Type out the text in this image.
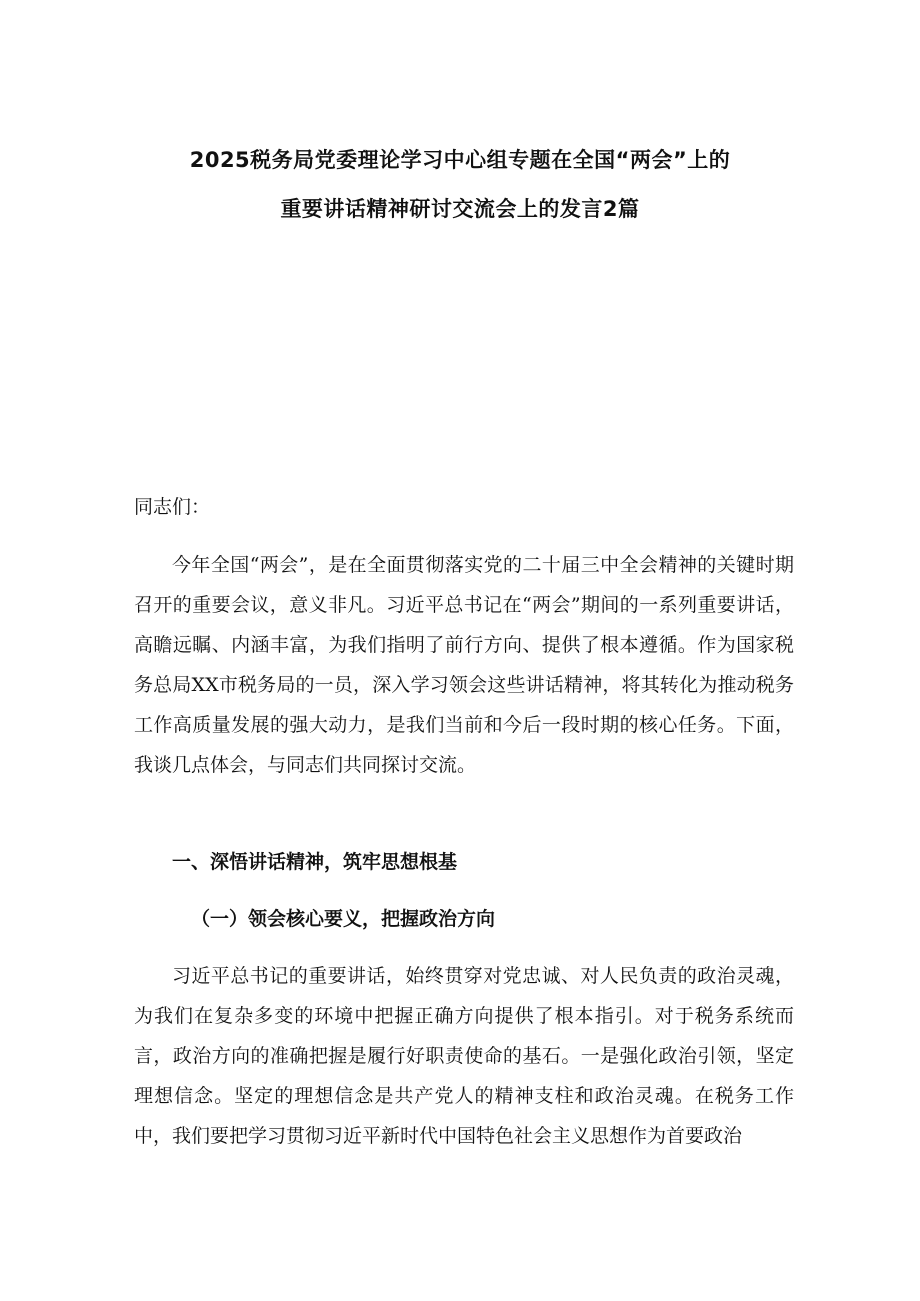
2025税务局党委理论学习中心组专题在全国“两会”上的
重要讲话精神研讨交流会上的发言2篇
同志们：
今年全国“两会”，是在全面贯彻落实党的二十届三中全会精神的关键时期召开的重要会议，意义非凡。习近平总书记在“两会”期间的一系列重要讲话，高瞻远瞩、内涵丰富，为我们指明了前行方向、提供了根本遵循。作为国家税务总局XX市税务局的一员，深入学习领会这些讲话精神，将其转化为推动税务工作高质量发展的强大动力，是我们当前和今后一段时期的核心任务。下面，我谈几点体会，与同志们共同探讨交流。
一、深悟讲话精神，筑牢思想根基
（一）领会核心要义，把握政治方向
习近平总书记的重要讲话，始终贯穿对党忠诚、对人民负责的政治灵魂，为我们在复杂多变的环境中把握正确方向提供了根本指引。对于税务系统而言，政治方向的准确把握是履行好职责使命的基石。一是强化政治引领，坚定理想信念。坚定的理想信念是共产党人的精神支柱和政治灵魂。在税务工作中，我们要把学习贯彻习近平新时代中国特色社会主义思想作为首要政治
